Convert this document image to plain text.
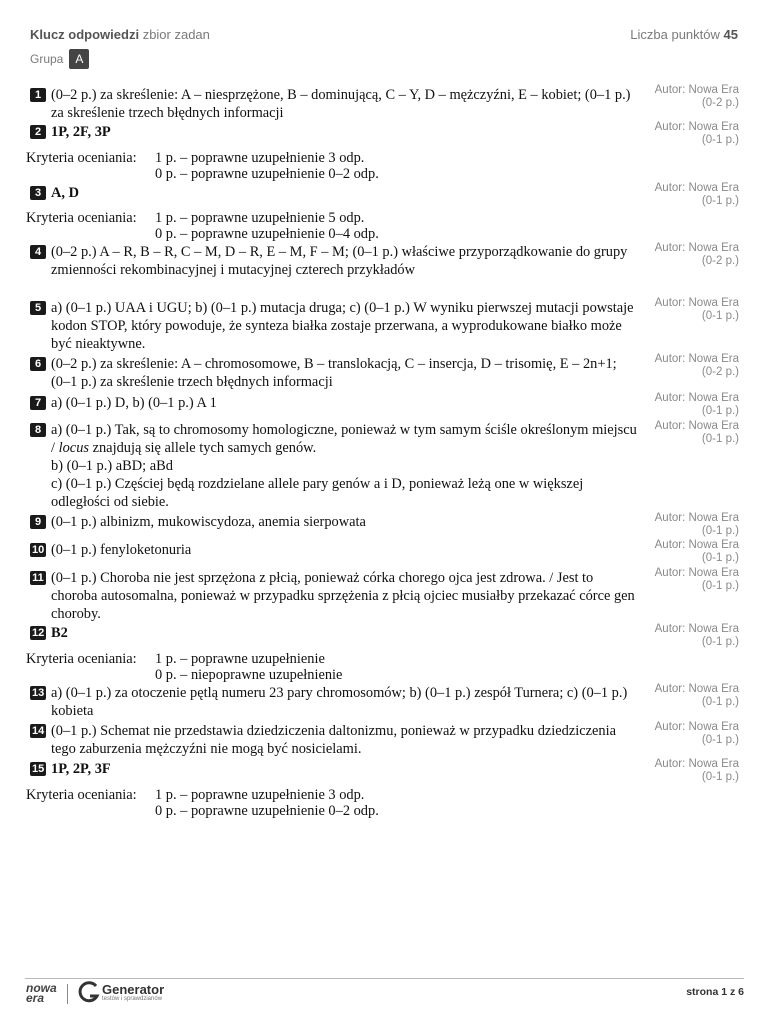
Klucz odpowiedzi zbior zadan	Liczba punktów 45
Grupa A
1 (0–2 p.) za skreślenie: A – niesprzężone, B – dominującą, C – Y, D – mężczyźni, E – kobiet; (0–1 p.) za skreślenie trzech błędnych informacji
Autor: Nowa Era
(0-2 p.)
2 1P, 2F, 3P	Autor: Nowa Era
(0-1 p.)
Kryteria oceniania: 1 p. – poprawne uzupełnienie 3 odp.
0 p. – poprawne uzupełnienie 0–2 odp.
3 A, D	Autor: Nowa Era
(0-1 p.)
Kryteria oceniania: 1 p. – poprawne uzupełnienie 5 odp.
0 p. – poprawne uzupełnienie 0–4 odp.
4 (0–2 p.) A – R, B – R, C – M, D – R, E – M, F – M; (0–1 p.) właściwe przyporządkowanie do grupy zmienności rekombinacyjnej i mutacyjnej czterech przykładów
Autor: Nowa Era
(0-2 p.)
5 a) (0–1 p.) UAA i UGU; b) (0–1 p.) mutacja druga; c) (0–1 p.) W wyniku pierwszej mutacji powstaje kodon STOP, który powoduje, że synteza białka zostaje przerwana, a wyprodukowane białko może być nieaktywne.
Autor: Nowa Era
(0-1 p.)
6 (0–2 p.) za skreślenie: A – chromosomowe, B – translokacją, C – insercja, D – trisomię, E – 2n+1; (0–1 p.) za skreślenie trzech błędnych informacji
Autor: Nowa Era
(0-2 p.)
7 a) (0–1 p.) D, b) (0–1 p.) A 1	Autor: Nowa Era
(0-1 p.)
8 a) (0–1 p.) Tak, są to chromosomy homologiczne, ponieważ w tym samym ściśle określonym miejscu / locus znajdują się allele tych samych genów.
b) (0–1 p.) aBD; aBd
c) (0–1 p.) Częściej będą rozdzielane allele pary genów a i D, ponieważ leżą one w większej odległości od siebie.
Autor: Nowa Era
(0-1 p.)
9 (0–1 p.) albinizm, mukowiscydoza, anemia sierpowata	Autor: Nowa Era
(0-1 p.)
10 (0–1 p.) fenyloketonuria	Autor: Nowa Era
(0-1 p.)
11 (0–1 p.) Choroba nie jest sprzężona z płcią, ponieważ córka chorego ojca jest zdrowa. / Jest to choroba autosomalna, ponieważ w przypadku sprzężenia z płcią ojciec musiałby przekazać córce gen choroby.
Autor: Nowa Era
(0-1 p.)
12 B2	Autor: Nowa Era
(0-1 p.)
Kryteria oceniania: 1 p. – poprawne uzupełnienie
0 p. – niepoprawne uzupełnienie
13 a) (0–1 p.) za otoczenie pętlą numeru 23 pary chromosomów; b) (0–1 p.) zespół Turnera; c) (0–1 p.) kobieta
Autor: Nowa Era
(0-1 p.)
14 (0–1 p.) Schemat nie przedstawia dziedziczenia daltonizmu, ponieważ w przypadku dziedziczenia tego zaburzenia mężczyźni nie mogą być nosicielami.
Autor: Nowa Era
(0-1 p.)
15 1P, 2P, 3F	Autor: Nowa Era
(0-1 p.)
Kryteria oceniania: 1 p. – poprawne uzupełnienie 3 odp.
0 p. – poprawne uzupełnienie 0–2 odp.
nowa
era
Generator
testów i sprawdzianów
strona 1 z 6
